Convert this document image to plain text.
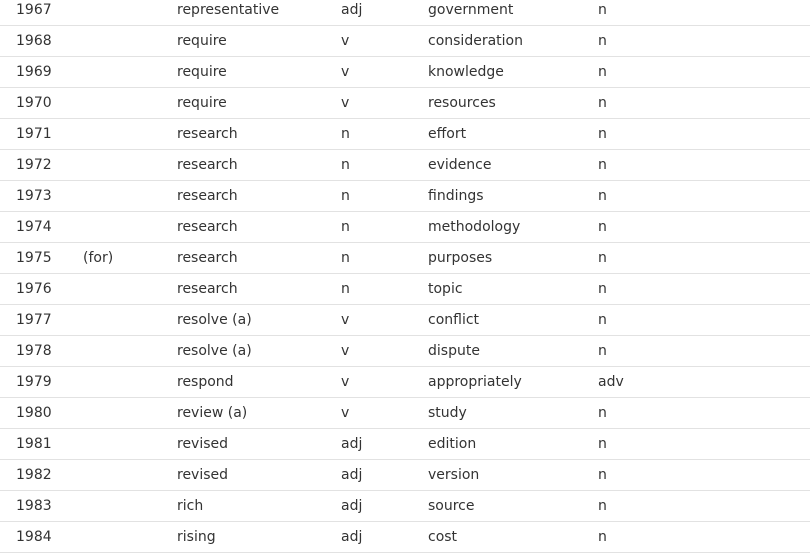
1967	representative	adj	government	n
1968	require	v	consideration	n
1969	require	v	knowledge	n
1970	require	v	resources	n
1971	research	n	effort	n
1972	research	n	evidence	n
1973	research	n	findings	n
1974	research	n	methodology	n
1975 (for)	research	n	purposes	n
1976	research	n	topic	n
1977	resolve (a)	v	conflict	n
1978	resolve (a)	v	dispute	n
1979	respond	v	appropriately	adv
1980	review (a)	v	study	n
1981	revised	adj	edition	n
1982	revised	adj	version	n
1983	rich	adj	source	n
1984	rising	adj	cost	n
